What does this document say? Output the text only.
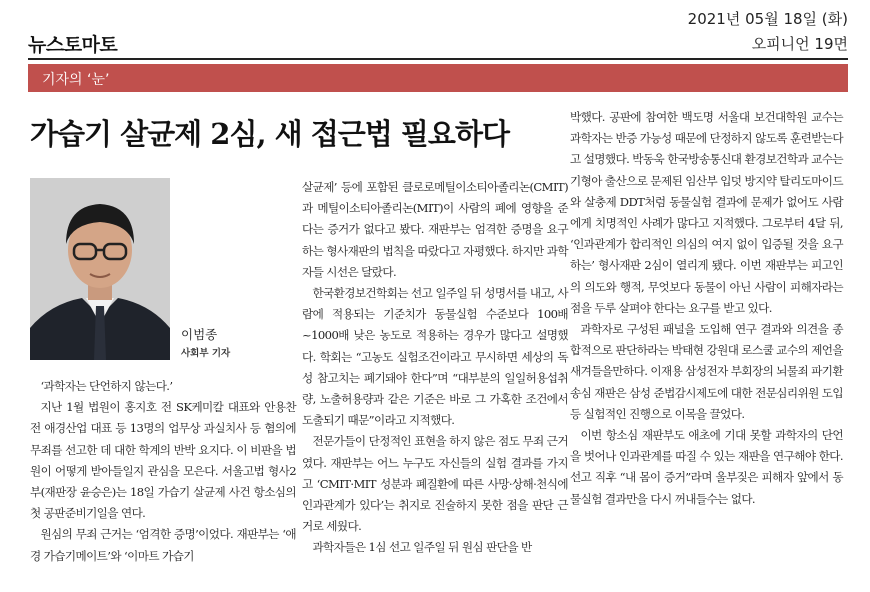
뉴스토마토
2021년 05월 18일 (화)
오피니언 19면
기자의 ‘눈’
가습기 살균제 2심, 새 접근법 필요하다
이범종
사회부 기자

‘과학자는 단언하지 않는다.’

지난 1월 법원이 홍지호 전 SK케미칼 대표와 안용찬 전 애경산업 대표 등 13명의 업무상 과실치사 등 혐의에 무죄를 선고한 데 대한 학계의 반박 요지다. 이 비판을 법원이 어떻게 받아들일지 관심을 모은다. 서울고법 형사2부(재판장 윤승은)는 18일 가습기 살균제 사건 항소심의 첫 공판준비기일을 연다.

원심의 무죄 근거는 ‘엄격한 증명’이었다. 재판부는 ‘애경 가습기메이트’와 ‘이마트 가습기

살균제’ 등에 포함된 클로로메틸이소티아졸리논(CMIT)과 메틸이소티아졸리논(MIT)이 사람의 폐에 영향을 준다는 증거가 없다고 봤다. 재판부는 엄격한 증명을 요구하는 형사재판의 법칙을 따랐다고 자평했다. 하지만 과학자들 시선은 달랐다.

한국환경보건학회는 선고 일주일 뒤 성명서를 내고, 사람에 적용되는 기준치가 동물실험 수준보다 100배~1000배 낮은 농도로 적용하는 경우가 많다고 설명했다. 학회는 “고농도 실험조건이라고 무시하면 세상의 독성 참고치는 폐기돼야 한다”며 “대부분의 일일허용섭취량, 노출허용량과 같은 기준은 바로 그 가혹한 조건에서 도출되기 때문”이라고 지적했다.

전문가들이 단정적인 표현을 하지 않은 점도 무죄 근거였다. 재판부는 어느 누구도 자신들의 실험 결과를 가지고 ‘CMIT·MIT 성분과 폐질환에 따른 사망·상해·천식에 인과관계가 있다’는 취지로 진술하지 못한 점을 판단 근거로 세웠다.

과학자들은 1심 선고 일주일 뒤 원심 판단을 반

박했다. 공판에 참여한 백도명 서울대 보건대학원 교수는 과학자는 반증 가능성 때문에 단정하지 않도록 훈련받는다고 설명했다. 박동욱 한국방송통신대 환경보건학과 교수는 기형아 출산으로 문제된 임산부 입덧 방지약 탈리도마이드와 살충제 DDT처럼 동물실험 결과에 문제가 없어도 사람에게 치명적인 사례가 많다고 지적했다. 그로부터 4달 뒤, ‘인과관계가 합리적인 의심의 여지 없이 입증될 것을 요구하는’ 형사재판 2심이 열리게 됐다. 이번 재판부는 피고인의 의도와 행적, 무엇보다 동물이 아닌 사람이 피해자라는 점을 두루 살펴야 한다는 요구를 받고 있다.

과학자로 구성된 패널을 도입해 연구 결과와 의견을 종합적으로 판단하라는 박태현 강원대 로스쿨 교수의 제언을 새겨들을만하다. 이재용 삼성전자 부회장의 뇌물죄 파기환송심 재판은 삼성 준법감시제도에 대한 전문심리위원 도입 등 실험적인 진행으로 이목을 끌었다.

이번 항소심 재판부도 애초에 기대 못할 과학자의 단언을 벗어나 인과관계를 따질 수 있는 재판을 연구해야 한다. 선고 직후 “내 몸이 증거”라며 울부짖은 피해자 앞에서 동물실험 결과만을 다시 꺼내들수는 없다.
